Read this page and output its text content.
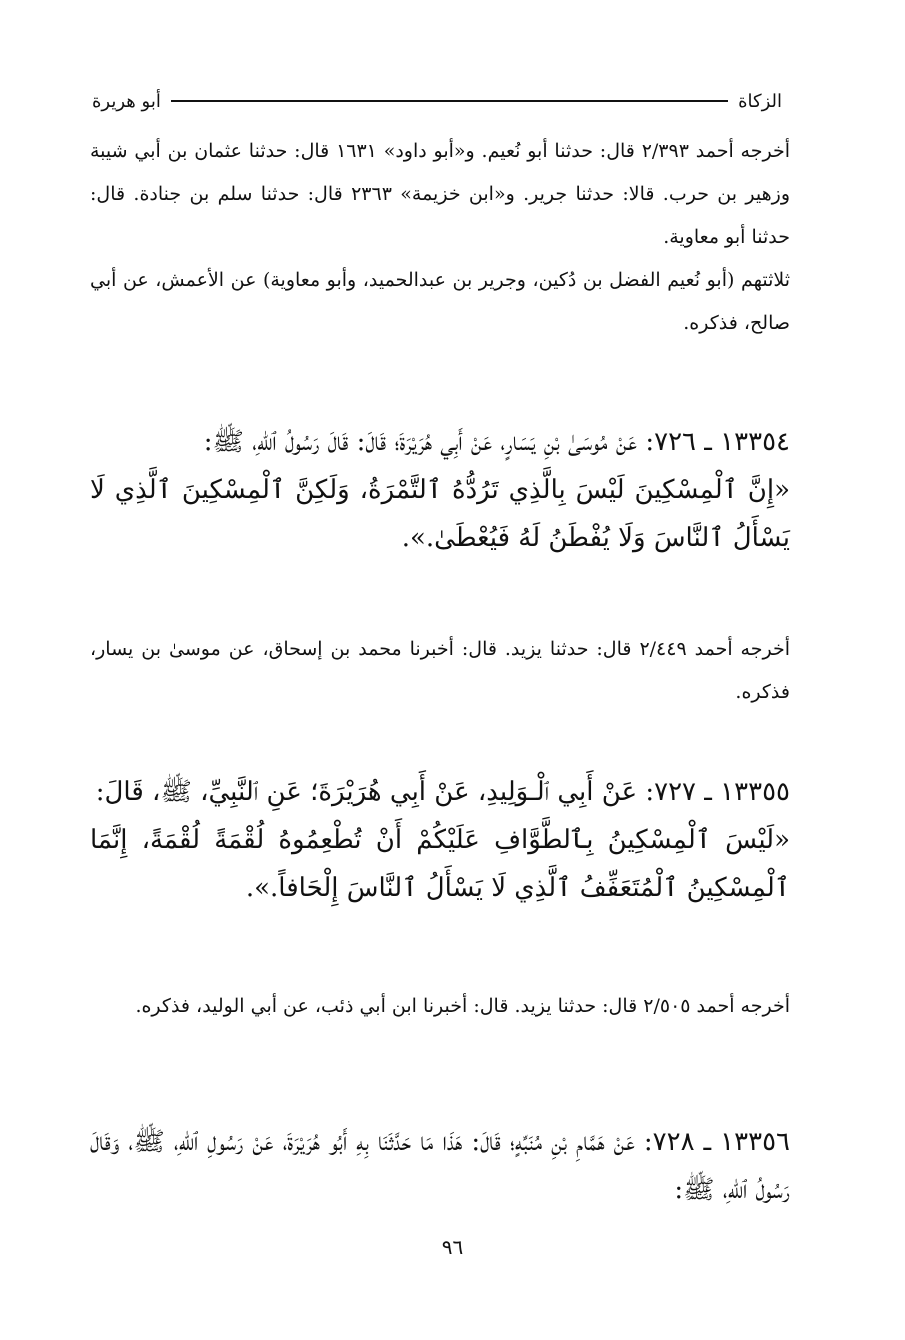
الزكاة
أبو هريرة

أخرجه أحمد ٢/٣٩٣ قال: حدثنا أبو نُعيم. و«أبو داود» ١٦٣١ قال: حدثنا عثمان بن أبي شيبة وزهير بن حرب. قالا: حدثنا جرير. و«ابن خزيمة» ٢٣٦٣ قال: حدثنا سلم بن جنادة. قال: حدثنا أبو معاوية.

ثلاثتهم (أبو نُعيم الفضل بن دُكين، وجرير بن عبدالحميد، وأبو معاوية) عن الأعمش، عن أبي صالح، فذكره.

١٣٣٥٤ ـ ٧٢٦: عَنْ مُوسَىٰ بْنِ يَسَارٍ، عَنْ أَبِي هُرَيْرَةَ؛ قَالَ: قَالَ رَسُولُ ٱللهِ، ﷺ:

«إِنَّ ٱلْمِسْكِينَ لَيْسَ بِالَّذِي تَرُدُّهُ ٱلتَّمْرَةُ، وَلَكِنَّ ٱلْمِسْكِينَ ٱلَّذِي لَا يَسْأَلُ ٱلنَّاسَ وَلَا يُفْطَنُ لَهُ فَيُعْطَىٰ.».

أخرجه أحمد ٢/٤٤٩ قال: حدثنا يزيد. قال: أخبرنا محمد بن إسحاق، عن موسىٰ بن يسار، فذكره.

١٣٣٥٥ ـ ٧٢٧: عَنْ أَبِي ٱلْـوَلِيدِ، عَنْ أَبِي هُرَيْرَةَ؛ عَنِ ٱلنَّبِيِّ، ﷺ، قَالَ:

«لَيْسَ ٱلْمِسْكِينُ بِٱلطَّوَّافِ عَلَيْكُمْ أَنْ تُطْعِمُوهُ لُقْمَةً لُقْمَةً، إِنَّمَا ٱلْمِسْكِينُ ٱلْمُتَعَفِّفُ ٱلَّذِي لَا يَسْأَلُ ٱلنَّاسَ إِلْحَافاً.».

أخرجه أحمد ٢/٥٠٥ قال: حدثنا يزيد. قال: أخبرنا ابن أبي ذئب، عن أبي الوليد، فذكره.

١٣٣٥٦ ـ ٧٢٨: عَنْ هَمَّامِ بْنِ مُنَبِّهٍ؛ قَالَ: هَذَا مَا حَدَّثَنَا بِهِ أَبُو هُرَيْرَةَ، عَنْ رَسُولِ ٱللهِ، ﷺ، وَقَالَ رَسُولُ ٱللهِ، ﷺ:

٩٦
